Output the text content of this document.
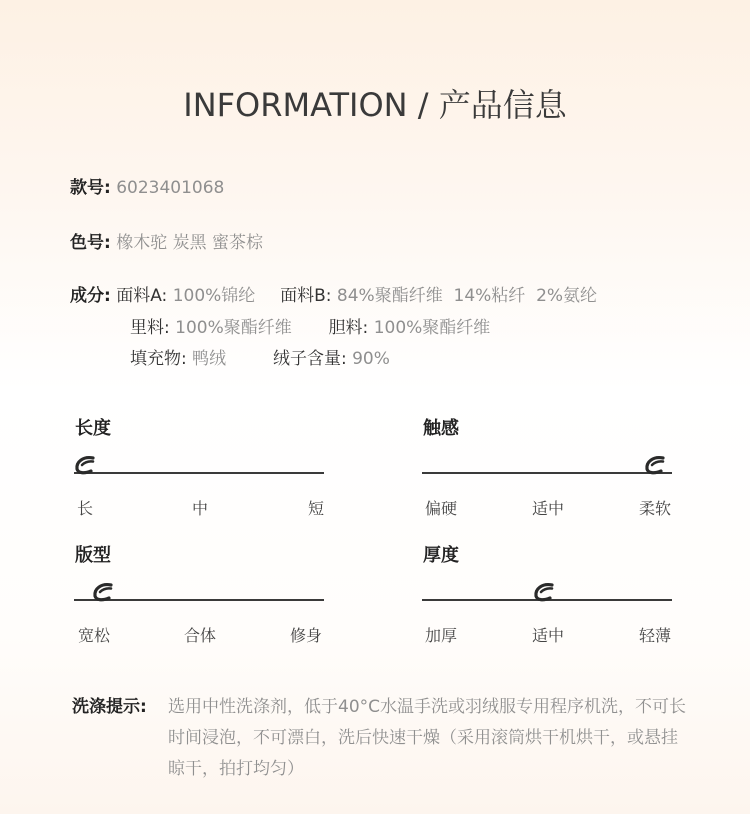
INFORMATION / 产品信息
款号: 6023401068
色号: 橡木驼 炭黑 蜜茶棕
成分: 面料A: 100%锦纶 面料B: 84%聚酯纤维  14%粘纤  2%氨纶
里料: 100%聚酯纤维 胆料: 100%聚酯纤维
填充物: 鸭绒	绒子含量: 90%
长度
长	中	短
触感
偏硬	适中	柔软
版型
宽松	合体	修身
厚度
加厚	适中	轻薄
洗涤提示: 选用中性洗涤剂，低于40°C水温手洗或羽绒服专用程序机洗，不可长时间浸泡，不可漂白，洗后快速干燥（采用滚筒烘干机烘干，或悬挂晾干，拍打均匀）
